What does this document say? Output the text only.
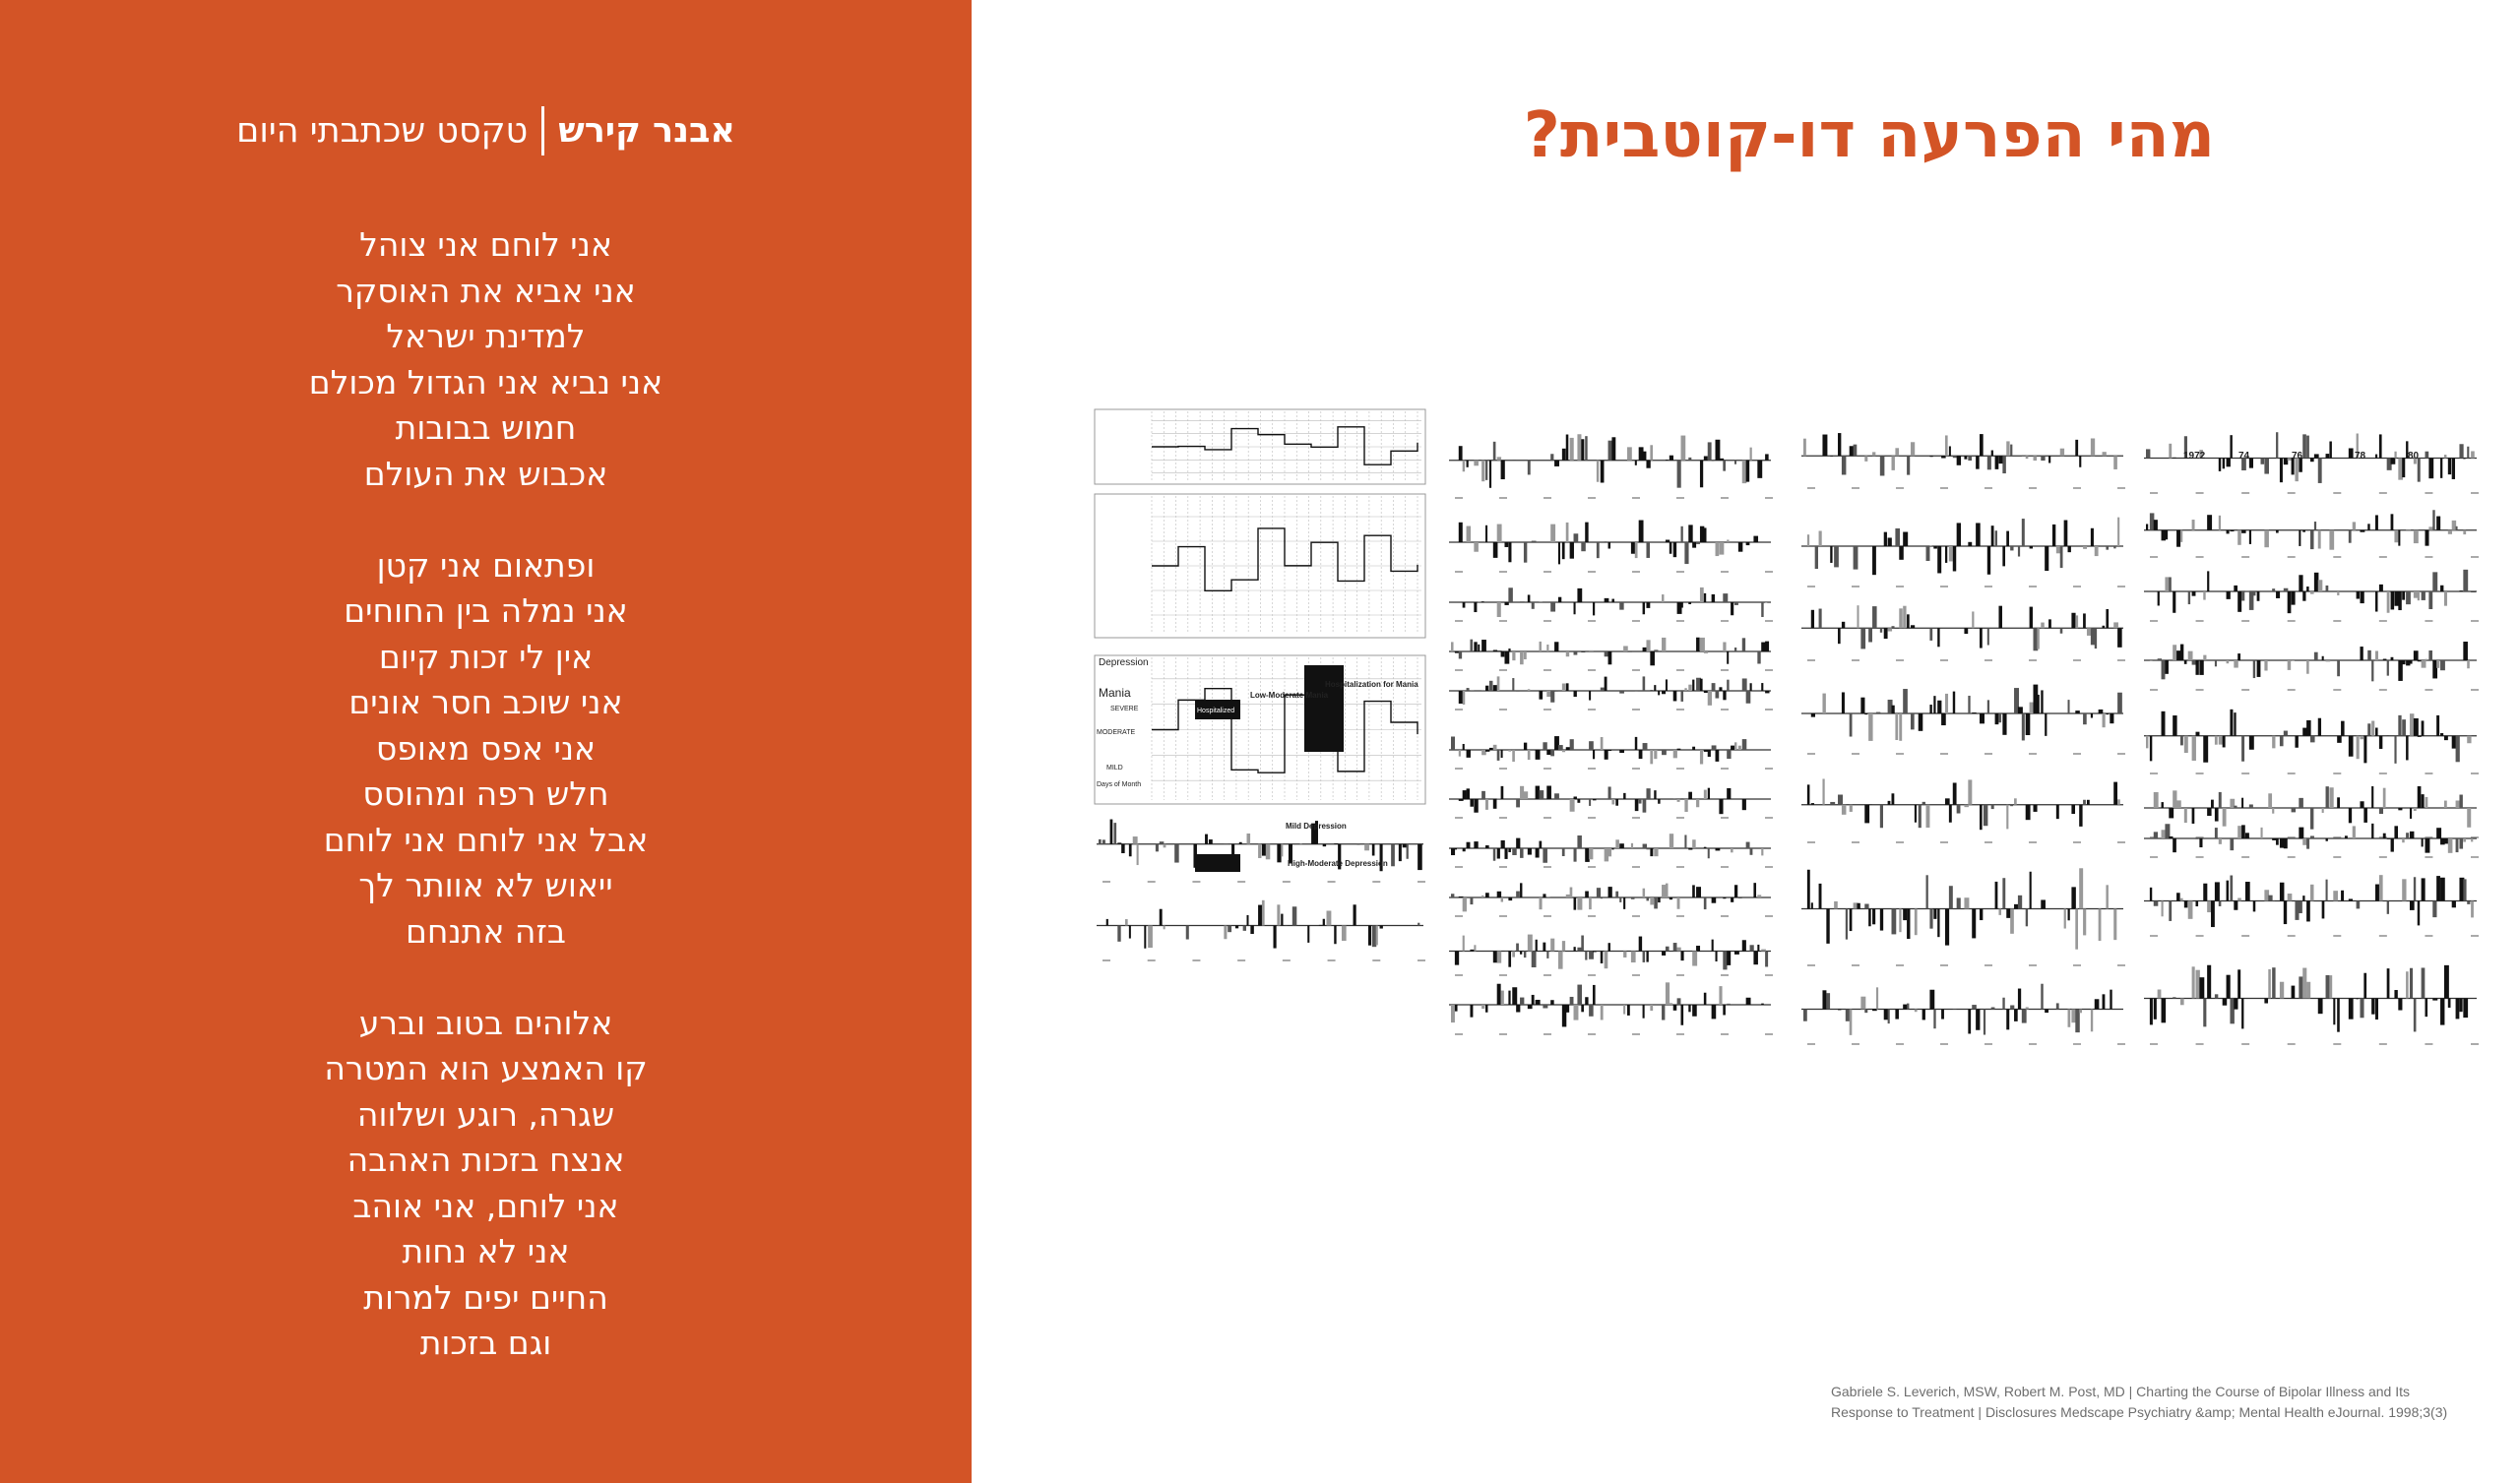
אבנר קירש
טקסט שכתבתי היום
אני לוחם אני צוהל
אני אביא את האוסקר
למדינת ישראל
אני נביא אני הגדול מכולם
חמוש בבובות
אכבוש את העולם
ופתאום אני קטן
אני נמלה בין החוחים
אין לי זכות קיום
אני שוכב חסר אונים
אני אפס מאופס
חלש רפה ומהוסס
אבל אני לוחם אני לוחם
ייאוש לא אוותר לך
בזה אתנחם
אלוהים בטוב וברע
קו האמצע הוא המטרה
שגרה, רוגע ושלווה
אנצח בזכות האהבה
אני לוחם, אני אוהב
אני לא נחות
החיים יפים למרות
וגם בזכות
מהי הפרעה דו-קוטבית?
Mania
SEVERE
MODERATE
MILD
Days of Month
Hospitalized
Low-Moderate Mania
Hospitalization for Mania
Mild Depression
High-Moderate Depression
Depression
1972	74	76	78	80
Gabriele S. Leverich, MSW, Robert M. Post, MD | Charting the Course of Bipolar Illness and Its
Response to Treatment | Disclosures Medscape Psychiatry &amp; Mental Health eJournal. 1998;3(3)
